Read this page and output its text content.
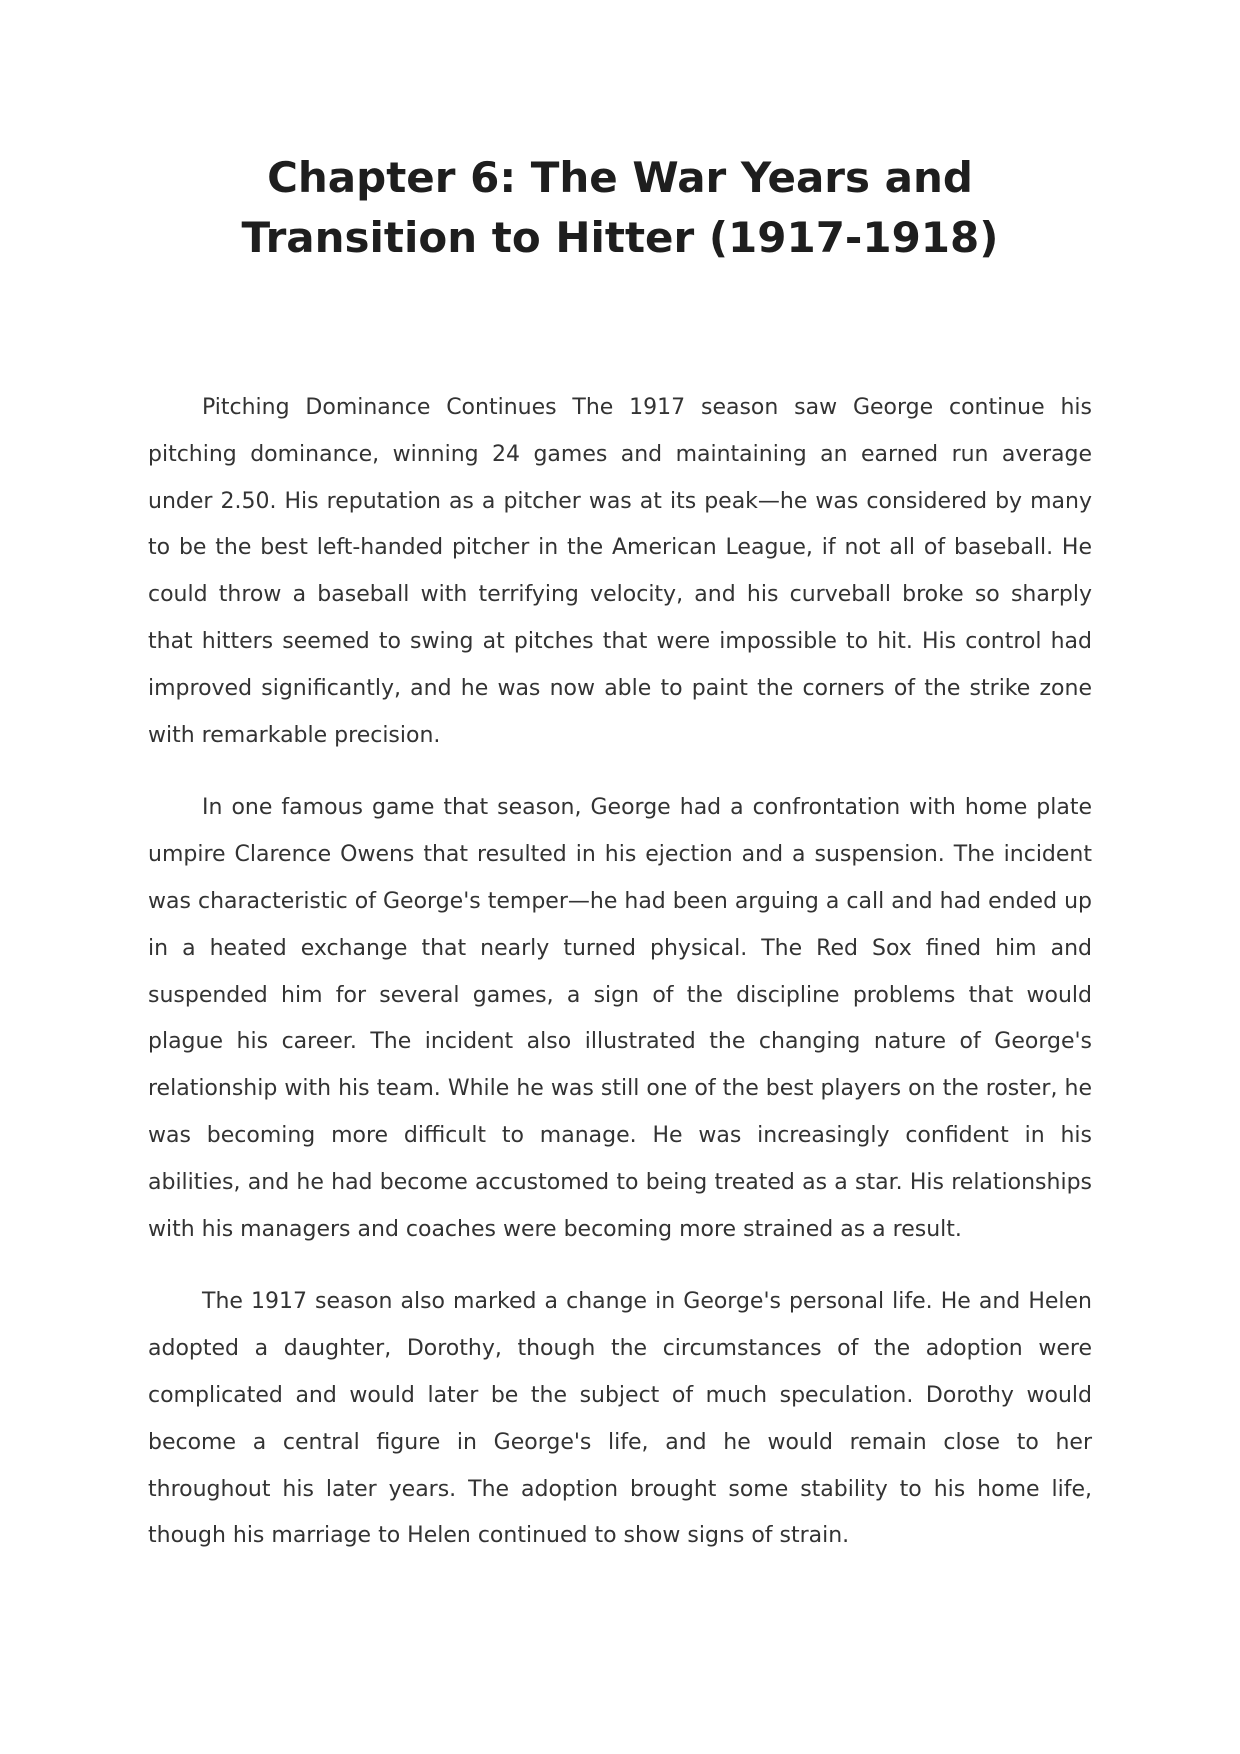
Chapter 6: The War Years and Transition to Hitter (1917-1918)

Pitching Dominance Continues The 1917 season saw George continue his pitching dominance, winning 24 games and maintaining an earned run average under 2.50. His reputation as a pitcher was at its peak—he was considered by many to be the best left-handed pitcher in the American League, if not all of baseball. He could throw a baseball with terrifying velocity, and his curveball broke so sharply that hitters seemed to swing at pitches that were impossible to hit. His control had improved significantly, and he was now able to paint the corners of the strike zone with remarkable precision.

In one famous game that season, George had a confrontation with home plate umpire Clarence Owens that resulted in his ejection and a suspension. The incident was characteristic of George's temper—he had been arguing a call and had ended up in a heated exchange that nearly turned physical. The Red Sox fined him and suspended him for several games, a sign of the discipline problems that would plague his career. The incident also illustrated the changing nature of George's relationship with his team. While he was still one of the best players on the roster, he was becoming more difficult to manage. He was increasingly confident in his abilities, and he had become accustomed to being treated as a star. His relationships with his managers and coaches were becoming more strained as a result.

The 1917 season also marked a change in George's personal life. He and Helen adopted a daughter, Dorothy, though the circumstances of the adoption were complicated and would later be the subject of much speculation. Dorothy would become a central figure in George's life, and he would remain close to her throughout his later years. The adoption brought some stability to his home life, though his marriage to Helen continued to show signs of strain.
